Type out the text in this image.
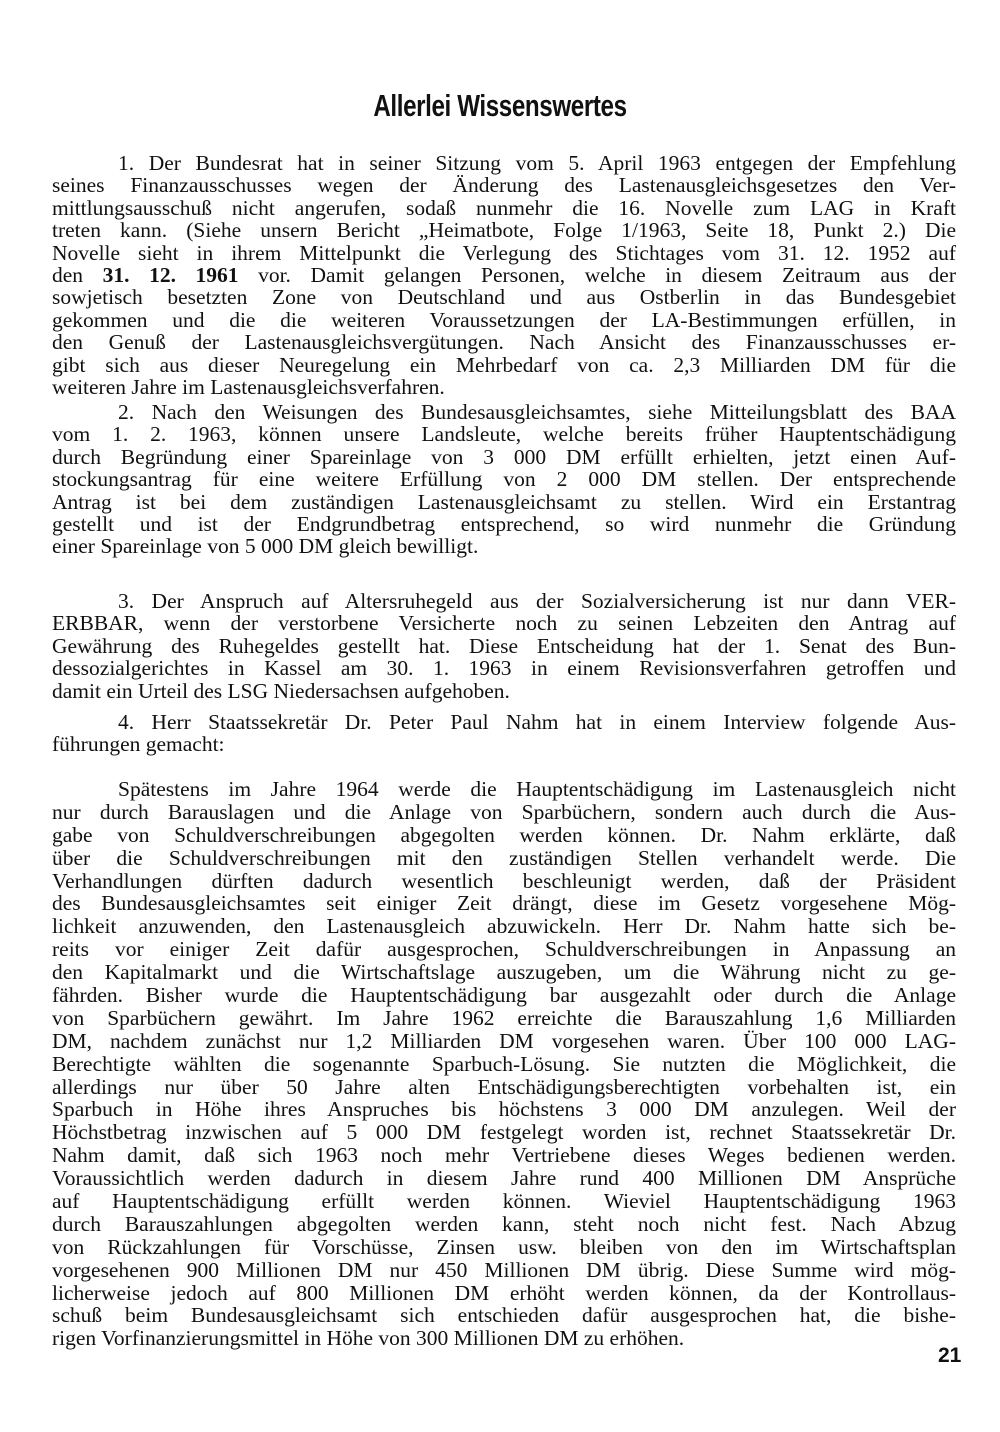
Allerlei Wissenswertes
1. Der Bundesrat hat in seiner Sitzung vom 5. April 1963 entgegen der Empfehlung
seines Finanzausschusses wegen der Änderung des Lastenausgleichsgesetzes den Ver-
mittlungsausschuß nicht angerufen, sodaß nunmehr die 16. Novelle zum LAG in Kraft
treten kann. (Siehe unsern Bericht „Heimatbote, Folge 1/1963, Seite 18, Punkt 2.) Die
Novelle sieht in ihrem Mittelpunkt die Verlegung des Stichtages vom 31. 12. 1952 auf
den 31. 12. 1961 vor. Damit gelangen Personen, welche in diesem Zeitraum aus der
sowjetisch besetzten Zone von Deutschland und aus Ostberlin in das Bundesgebiet
gekommen und die die weiteren Voraussetzungen der LA-Bestimmungen erfüllen, in
den Genuß der Lastenausgleichsvergütungen. Nach Ansicht des Finanzausschusses er-
gibt sich aus dieser Neuregelung ein Mehrbedarf von ca. 2,3 Milliarden DM für die
weiteren Jahre im Lastenausgleichsverfahren.
2. Nach den Weisungen des Bundesausgleichsamtes, siehe Mitteilungsblatt des BAA
vom 1. 2. 1963, können unsere Landsleute, welche bereits früher Hauptentschädigung
durch Begründung einer Spareinlage von 3 000 DM erfüllt erhielten, jetzt einen Auf-
stockungsantrag für eine weitere Erfüllung von 2 000 DM stellen. Der entsprechende
Antrag ist bei dem zuständigen Lastenausgleichsamt zu stellen. Wird ein Erstantrag
gestellt und ist der Endgrundbetrag entsprechend, so wird nunmehr die Gründung
einer Spareinlage von 5 000 DM gleich bewilligt.
3. Der Anspruch auf Altersruhegeld aus der Sozialversicherung ist nur dann VER-
ERBBAR, wenn der verstorbene Versicherte noch zu seinen Lebzeiten den Antrag auf
Gewährung des Ruhegeldes gestellt hat. Diese Entscheidung hat der 1. Senat des Bun-
dessozialgerichtes in Kassel am 30. 1. 1963 in einem Revisionsverfahren getroffen und
damit ein Urteil des LSG Niedersachsen aufgehoben.
4. Herr Staatssekretär Dr. Peter Paul Nahm hat in einem Interview folgende Aus-
führungen gemacht:
Spätestens im Jahre 1964 werde die Hauptentschädigung im Lastenausgleich nicht
nur durch Barauslagen und die Anlage von Sparbüchern, sondern auch durch die Aus-
gabe von Schuldverschreibungen abgegolten werden können. Dr. Nahm erklärte, daß
über die Schuldverschreibungen mit den zuständigen Stellen verhandelt werde. Die
Verhandlungen dürften dadurch wesentlich beschleunigt werden, daß der Präsident
des Bundesausgleichsamtes seit einiger Zeit drängt, diese im Gesetz vorgesehene Mög-
lichkeit anzuwenden, den Lastenausgleich abzuwickeln. Herr Dr. Nahm hatte sich be-
reits vor einiger Zeit dafür ausgesprochen, Schuldverschreibungen in Anpassung an
den Kapitalmarkt und die Wirtschaftslage auszugeben, um die Währung nicht zu ge-
fährden. Bisher wurde die Hauptentschädigung bar ausgezahlt oder durch die Anlage
von Sparbüchern gewährt. Im Jahre 1962 erreichte die Barauszahlung 1,6 Milliarden
DM, nachdem zunächst nur 1,2 Milliarden DM vorgesehen waren. Über 100 000 LAG-
Berechtigte wählten die sogenannte Sparbuch-Lösung. Sie nutzten die Möglichkeit, die
allerdings nur über 50 Jahre alten Entschädigungsberechtigten vorbehalten ist, ein
Sparbuch in Höhe ihres Anspruches bis höchstens 3 000 DM anzulegen. Weil der
Höchstbetrag inzwischen auf 5 000 DM festgelegt worden ist, rechnet Staatssekretär Dr.
Nahm damit, daß sich 1963 noch mehr Vertriebene dieses Weges bedienen werden.
Voraussichtlich werden dadurch in diesem Jahre rund 400 Millionen DM Ansprüche
auf Hauptentschädigung erfüllt werden können. Wieviel Hauptentschädigung 1963
durch Barauszahlungen abgegolten werden kann, steht noch nicht fest. Nach Abzug
von Rückzahlungen für Vorschüsse, Zinsen usw. bleiben von den im Wirtschaftsplan
vorgesehenen 900 Millionen DM nur 450 Millionen DM übrig. Diese Summe wird mög-
licherweise jedoch auf 800 Millionen DM erhöht werden können, da der Kontrollaus-
schuß beim Bundesausgleichsamt sich entschieden dafür ausgesprochen hat, die bishe-
rigen Vorfinanzierungsmittel in Höhe von 300 Millionen DM zu erhöhen.
21
